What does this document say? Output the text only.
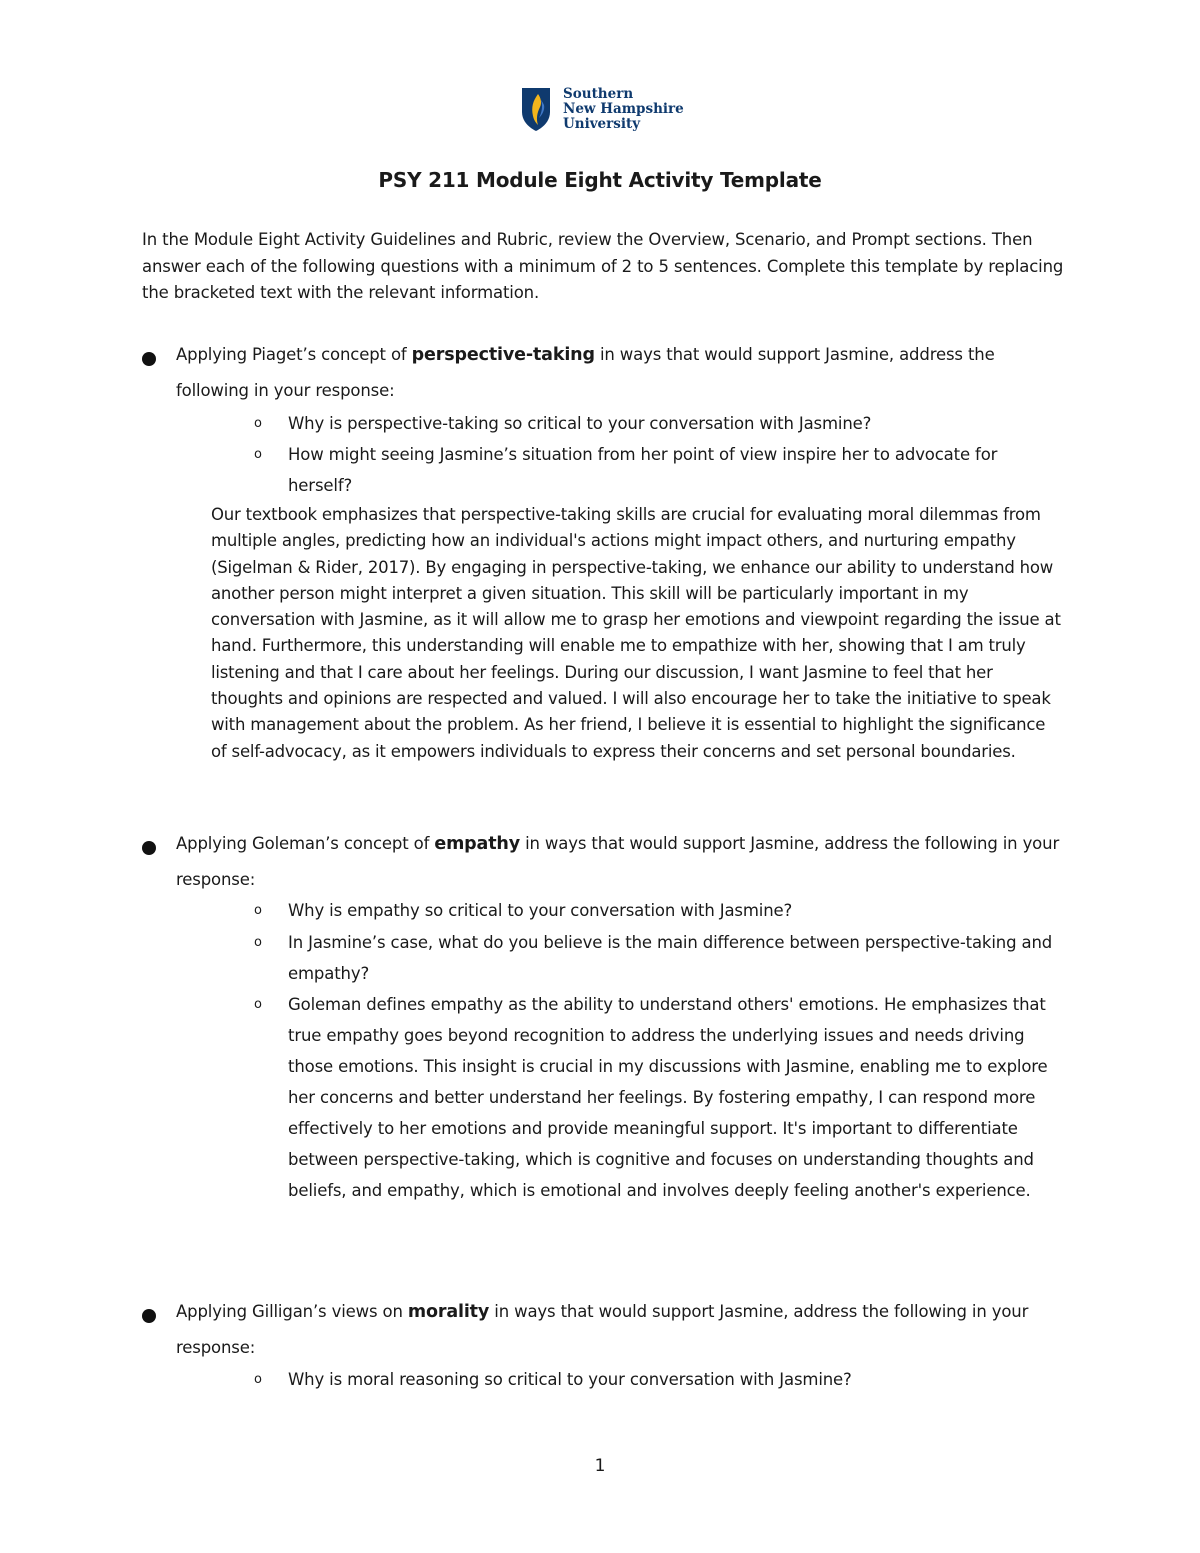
Southern
New Hampshire
University
PSY 211 Module Eight Activity Template
In the Module Eight Activity Guidelines and Rubric, review the Overview, Scenario, and Prompt sections. Then answer each of the following questions with a minimum of 2 to 5 sentences. Complete this template by replacing the bracketed text with the relevant information.
Applying Piaget’s concept of perspective-taking in ways that would support Jasmine, address the following in your response:
o Why is perspective-taking so critical to your conversation with Jasmine?
o How might seeing Jasmine’s situation from her point of view inspire her to advocate for herself?
Our textbook emphasizes that perspective-taking skills are crucial for evaluating moral dilemmas from multiple angles, predicting how an individual's actions might impact others, and nurturing empathy (Sigelman & Rider, 2017). By engaging in perspective-taking, we enhance our ability to understand how another person might interpret a given situation. This skill will be particularly important in my conversation with Jasmine, as it will allow me to grasp her emotions and viewpoint regarding the issue at hand. Furthermore, this understanding will enable me to empathize with her, showing that I am truly listening and that I care about her feelings. During our discussion, I want Jasmine to feel that her thoughts and opinions are respected and valued. I will also encourage her to take the initiative to speak with management about the problem. As her friend, I believe it is essential to highlight the significance of self-advocacy, as it empowers individuals to express their concerns and set personal boundaries.
Applying Goleman’s concept of empathy in ways that would support Jasmine, address the following in your response:
o Why is empathy so critical to your conversation with Jasmine?
o In Jasmine’s case, what do you believe is the main difference between perspective-taking and empathy?
o Goleman defines empathy as the ability to understand others' emotions. He emphasizes that true empathy goes beyond recognition to address the underlying issues and needs driving those emotions. This insight is crucial in my discussions with Jasmine, enabling me to explore her concerns and better understand her feelings. By fostering empathy, I can respond more effectively to her emotions and provide meaningful support. It's important to differentiate between perspective-taking, which is cognitive and focuses on understanding thoughts and beliefs, and empathy, which is emotional and involves deeply feeling another's experience.
Applying Gilligan’s views on morality in ways that would support Jasmine, address the following in your response:
o Why is moral reasoning so critical to your conversation with Jasmine?
1
